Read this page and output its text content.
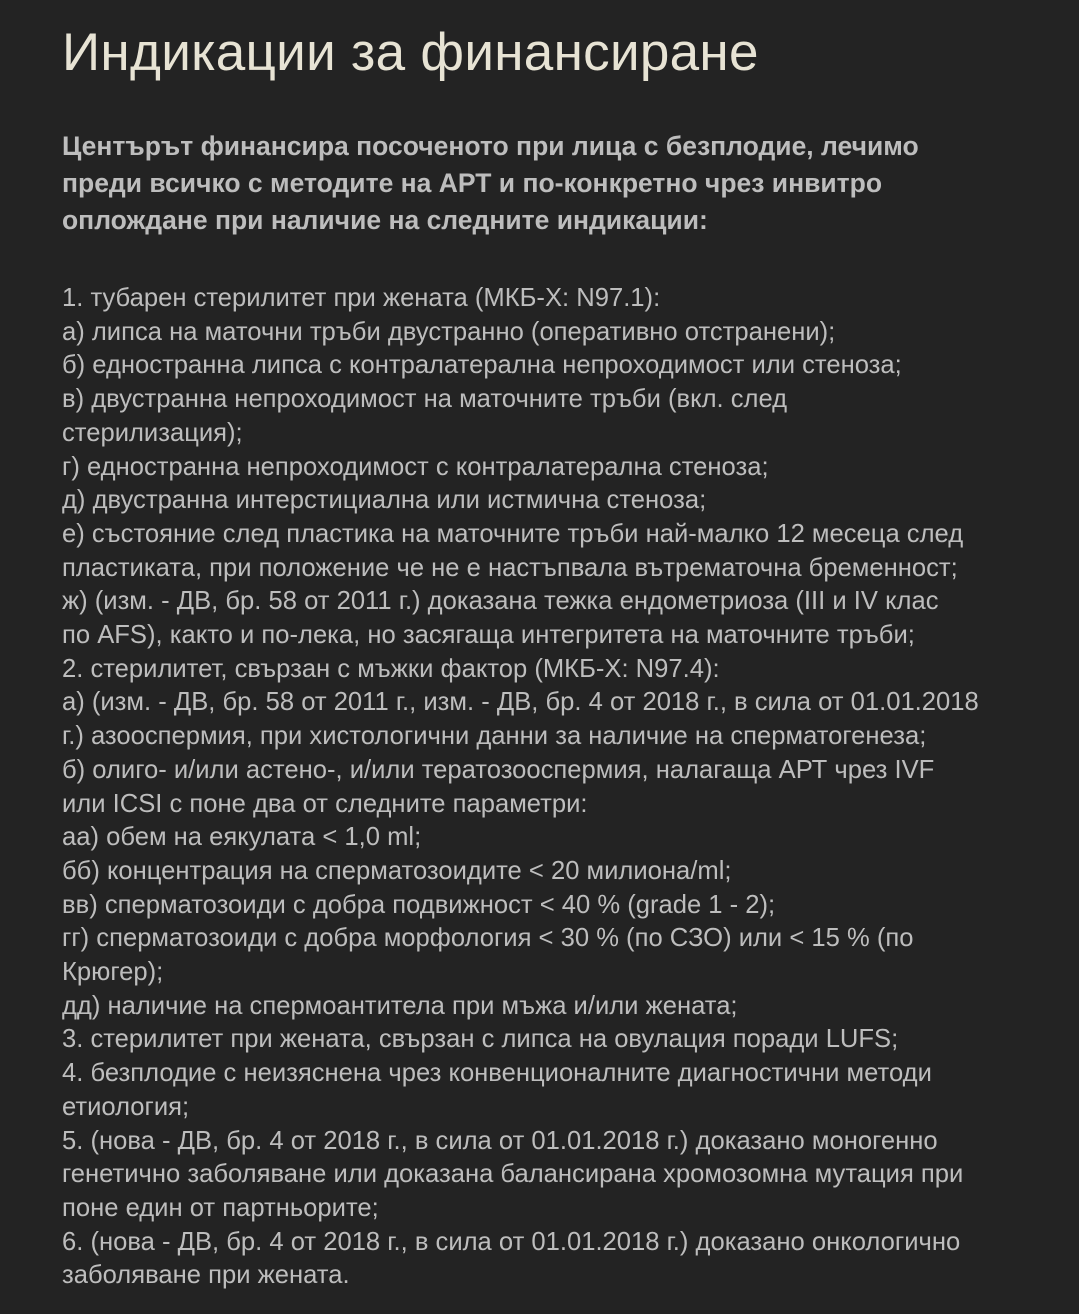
Индикации за финансиране

Центърът финансира посоченото при лица с безплодие, лечимо
преди всичко с методите на АРТ и по-конкретно чрез инвитро
оплождане при наличие на следните индикации:

1. тубарен стерилитет при жената (МКБ-Х: N97.1):
а) липса на маточни тръби двустранно (оперативно отстранени);
б) едностранна липса с контралатерална непроходимост или стеноза;
в) двустранна непроходимост на маточните тръби (вкл. след
стерилизация);
г) едностранна непроходимост с контралатерална стеноза;
д) двустранна интерстициална или истмична стеноза;
е) състояние след пластика на маточните тръби най-малко 12 месеца след
пластиката, при положение че не е настъпвала вътрематочна бременност;
ж) (изм. - ДВ, бр. 58 от 2011 г.) доказана тежка ендометриоза (III и IV клас
по AFS), както и по-лека, но засягаща интегритета на маточните тръби;
2. стерилитет, свързан с мъжки фактор (МКБ-Х: N97.4):
а) (изм. - ДВ, бр. 58 от 2011 г., изм. - ДВ, бр. 4 от 2018 г., в сила от 01.01.2018
г.) азооспермия, при хистологични данни за наличие на сперматогенеза;
б) олиго- и/или астено-, и/или теpатозооспермия, налагаща АРТ чрез IVF
или ICSI с поне два от следните параметри:
аа) обем на еякулата < 1,0 ml;
бб) концентрация на сперматозоидите < 20 милиона/ml;
вв) сперматозоиди с добра подвижност < 40 % (grade 1 - 2);
гг) сперматозоиди с добра морфология < 30 % (по СЗО) или < 15 % (по
Крюгер);
дд) наличие на спермоантитела при мъжа и/или жената;
3. стерилитет при жената, свързан с липса на овулация поради LUFS;
4. безплодие с неизяснена чрез конвенционалните диагностични методи
етиология;
5. (нова - ДВ, бр. 4 от 2018 г., в сила от 01.01.2018 г.) доказано моногенно
генетично заболяване или доказана балансирана хромозомна мутация при
поне един от партньорите;
6. (нова - ДВ, бр. 4 от 2018 г., в сила от 01.01.2018 г.) доказано онкологично
заболяване при жената.
